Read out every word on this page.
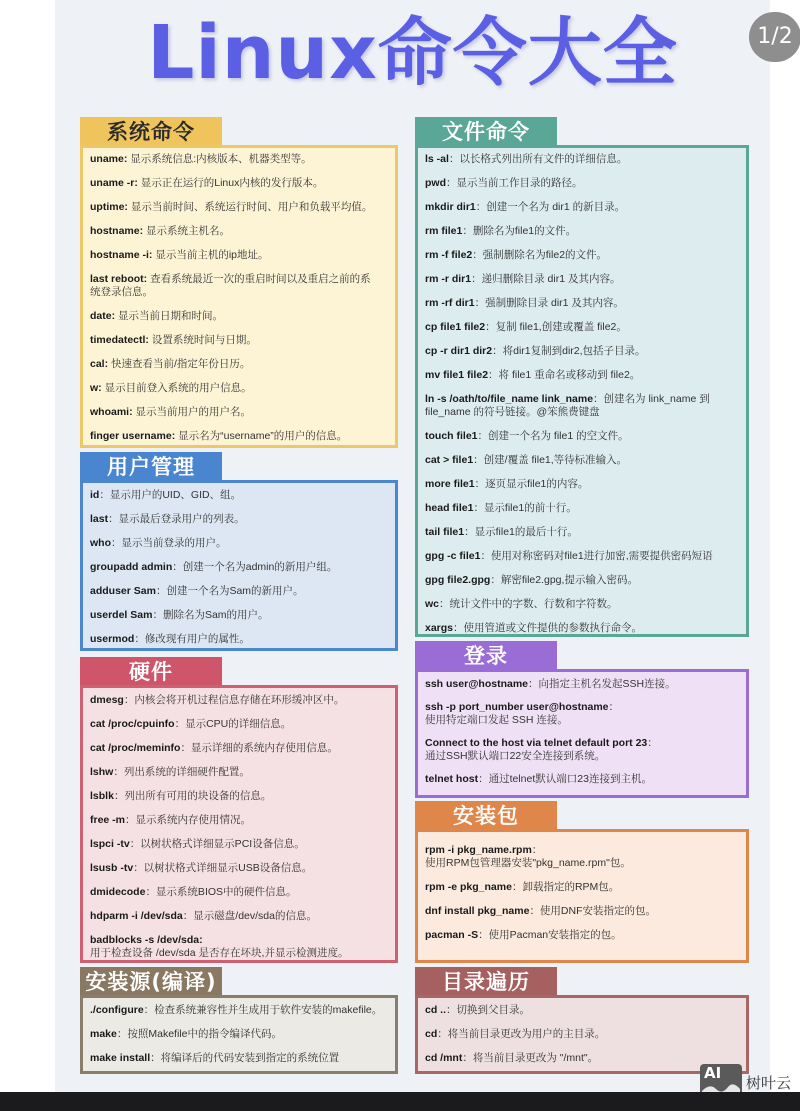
Linux命令大全	1/2
系统命令
uname: 显示系统信息:内核版本、机器类型等。
uname -r: 显示正在运行的Linux内核的发行版本。
uptime: 显示当前时间、系统运行时间、用户和负载平均值。
hostname: 显示系统主机名。
hostname -i: 显示当前主机的ip地址。
last reboot: 查看系统最近一次的重启时间以及重启之前的系
统登录信息。
date: 显示当前日期和时间。
timedatectl: 设置系统时间与日期。
cal: 快速查看当前/指定年份日历。
w: 显示目前登入系统的用户信息。
whoami: 显示当前用户的用户名。
finger username: 显示名为“username”的用户的信息。
用户管理
id：显示用户的UID、GID、组。
last：显示最后登录用户的列表。
who：显示当前登录的用户。
groupadd admin：创建一个名为admin的新用户组。
adduser Sam：创建一个名为Sam的新用户。
userdel Sam：删除名为Sam的用户。
usermod：修改现有用户的属性。
硬件
dmesg：内核会将开机过程信息存储在环形缓冲区中。
cat /proc/cpuinfo：显示CPU的详细信息。
cat /proc/meminfo：显示详细的系统内存使用信息。
lshw：列出系统的详细硬件配置。
lsblk：列出所有可用的块设备的信息。
free -m：显示系统内存使用情况。
lspci -tv：以树状格式详细显示PCI设备信息。
lsusb -tv：以树状格式详细显示USB设备信息。
dmidecode：显示系统BIOS中的硬件信息。
hdparm -i /dev/sda：显示磁盘/dev/sda的信息。
badblocks -s /dev/sda:
用于检查设备 /dev/sda 是否存在坏块,并显示检测进度。
安装源(编译)
./configure：检查系统兼容性并生成用于软件安装的makefile。
make：按照Makefile中的指令编译代码。
make install：将编译后的代码安装到指定的系统位置
文件命令
ls -al：以长格式列出所有文件的详细信息。
pwd：显示当前工作目录的路径。
mkdir dir1：创建一个名为 dir1 的新目录。
rm file1：删除名为file1的文件。
rm -f file2：强制删除名为file2的文件。
rm -r dir1：递归删除目录 dir1 及其内容。
rm -rf dir1：强制删除目录 dir1 及其内容。
cp file1 file2：复制 file1,创建或覆盖 file2。
cp -r dir1 dir2：将dir1复制到dir2,包括子目录。
mv file1 file2：将 file1 重命名或移动到 file2。
ln -s /oath/to/file_name link_name：创建名为 link_name 到
file_name 的符号链接。@笨熊费键盘
touch file1：创建一个名为 file1 的空文件。
cat > file1：创建/覆盖 file1,等待标准输入。
more file1：逐页显示file1的内容。
head file1：显示file1的前十行。
tail file1：显示file1的最后十行。
gpg -c file1：使用对称密码对file1进行加密,需要提供密码短语
gpg file2.gpg：解密file2.gpg,提示输入密码。
wc：统计文件中的字数、行数和字符数。
xargs：使用管道或文件提供的参数执行命令。
登录
ssh user@hostname：向指定主机名发起SSH连接。
ssh -p port_number user@hostname：
使用特定端口发起 SSH 连接。
Connect to the host via telnet default port 23：
通过SSH默认端口22安全连接到系统。
telnet host：通过telnet默认端口23连接到主机。
安装包
rpm -i pkg_name.rpm：
使用RPM包管理器安装"pkg_name.rpm"包。
rpm -e pkg_name：卸载指定的RPM包。
dnf install pkg_name：使用DNF安装指定的包。
pacman -S：使用Pacman安装指定的包。
目录遍历
cd ..：切换到父目录。
cd：将当前目录更改为用户的主目录。
cd /mnt：将当前目录更改为 "/mnt"。
AI
树叶云
